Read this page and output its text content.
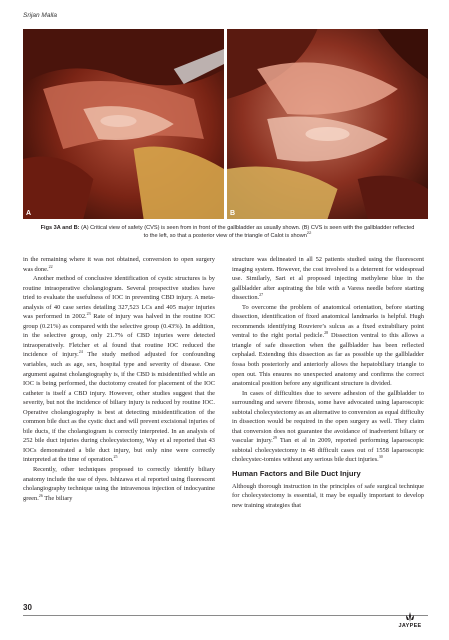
Srijan Malla
A	B
Figs 3A and B: (A) Critical view of safety (CVS) is seen from in front of the gallbladder as usually shown. (B) CVS is seen with the gallbladder reflected to the left, so that a posterior view of the triangle of Calot is shown$^{22}$

in the remaining where it was not obtained, conversion to open surgery was done.$^{22}$

Another method of conclusive identification of cystic structures is by routine intraoperative cholangiogram. Several prospective studies have tried to evaluate the usefulness of IOC in preventing CBD injury. A meta-analysis of 40 case series detailing 327,523 LCs and 405 major injuries was performed in 2002.23 Rate of injury was halved in the routine IOC group (0.21%) as compared with the selective group (0.43%). In addition, in the selective group, only 21.7% of CBD injuries were detected intraoperatively. Fletcher et al found that routine IOC reduced the incidence of injury.$^{24}$ The study method adjusted for confounding variables, such as age, sex, hospital type and severity of disease. One argument against cholangiography is, if the CBD is misidentified while an IOC is being performed, the ductotomy created for placement of the IOC catheter is itself a CBD injury. However, other studies suggest that the severity, but not the incidence of biliary injury is reduced by routine IOC. Operative cholangiography is best at detecting misidentification of the common bile duct as the cystic duct and will prevent excisional injuries of bile ducts, if the cholangiogram is correctly interpreted. In an analysis of 252 bile duct injuries during cholecystectomy, Way et al reported that 43 IOCs demonstrated a bile duct injury, but only nine were correctly interpreted at the time of operation.$^{25}$

Recently, other techniques proposed to correctly identify biliary anatomy include the use of dyes. Ishizawa et al reported using fluorescent cholangiography technique using the intravenous injection of indocyanine green.$^{26}$ The biliary

structure was delineated in all 52 patients studied using the fluorescent imaging system. However, the cost involved is a deterrent for widespread use. Similarly, Sari et al proposed injecting methylene blue in the gallbladder after aspirating the bile with a Varess needle before starting dissection.$^{27}$

To overcome the problem of anatomical orientation, before starting dissection, identification of fixed anatomical landmarks is helpful. Hugh recommends identifying Rouviere’s sulcus as a fixed extrabiliary point ventral to the right portal pedicle.$^{28}$ Dissection ventral to this allows a triangle of safe dissection when the gallbladder has been reflected cephalad. Extending this dissection as far as possible up the gallbladder fossa both posteriorly and anteriorly allows the hepatobiliary triangle to open out. This ensures no unexpected anatomy and confirms the correct anatomical position before any significant structure is divided.

In cases of difficulties due to severe adhesion of the gallbladder to surrounding and severe fibrosis, some have advocated using laparoscopic subtotal cholecystectomy as an alternative to conversion as equal difficulty in dissection would be required in the open surgery as well. They claim that conversion does not guarantee the avoidance of inadvertent biliary or vascular injury.$^{29}$ Tian et al in 2009, reported performing laparoscopic subtotal cholecystectomy in 48 difficult cases out of 1558 laparoscopic cholecystec-tomies without any serious bile duct injuries.$^{30}$

Human Factors and Bile Duct Injury

Although thorough instruction in the principles of safe surgical technique for cholecystectomy is essential, it may be equally important to develop new training strategies that

30
JAYPEE
